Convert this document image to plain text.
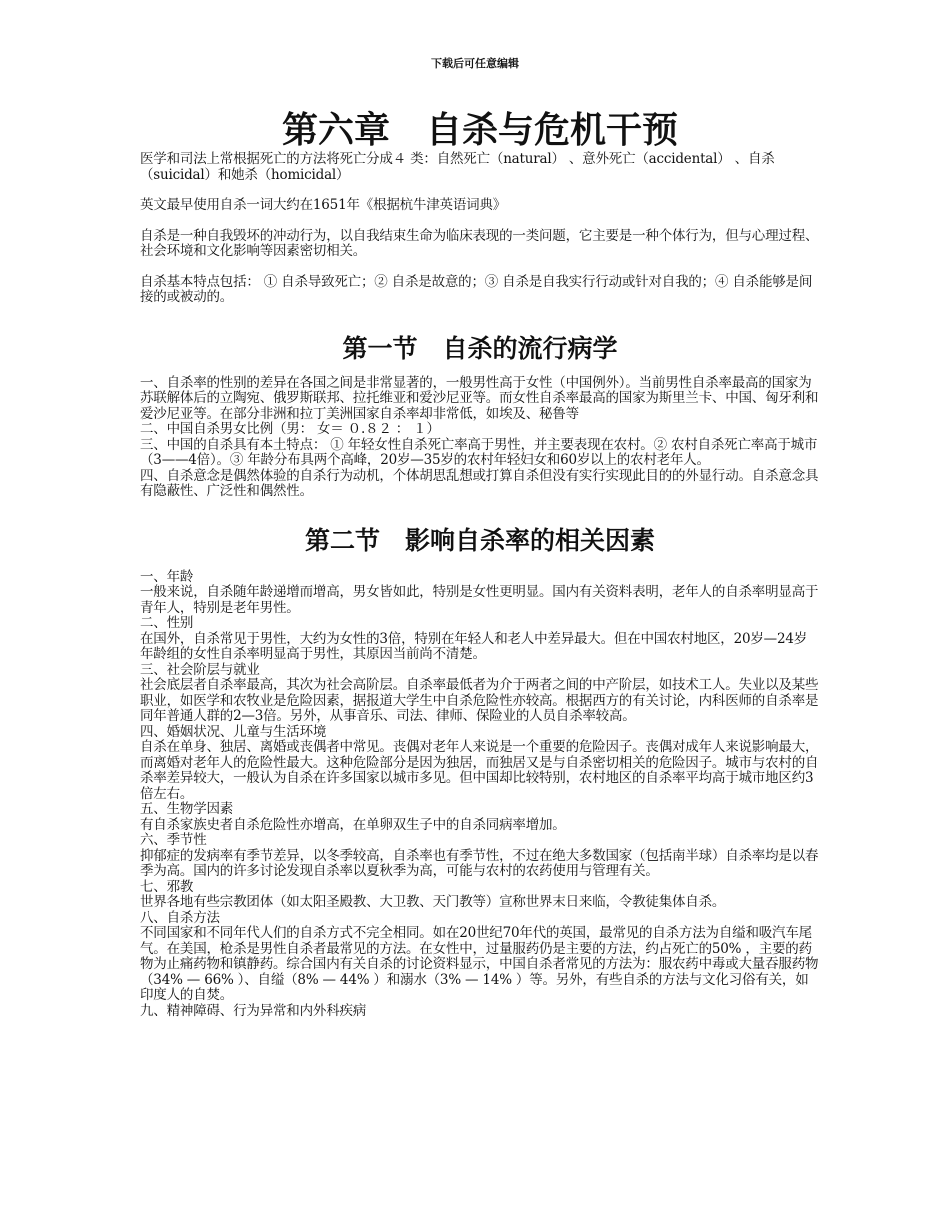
下载后可任意编辑
第六章　自杀与危机干预

医学和司法上常根据死亡的方法将死亡分成４ 类：自然死亡（natural） 、意外死亡（accidental） 、自杀（suicidal）和她杀（homicidal）

英文最早使用自杀一词大约在1651年《根据杭牛津英语词典》

自杀是一种自我毁坏的冲动行为，以自我结束生命为临床表现的一类问题，它主要是一种个体行为，但与心理过程、社会环境和文化影响等因素密切相关。

自杀基本特点包括： ① 自杀导致死亡；② 自杀是故意的；③ 自杀是自我实行行动或针对自我的；④ 自杀能够是间接的或被动的。

第一节　自杀的流行病学

一、自杀率的性别的差异在各国之间是非常显著的，一般男性高于女性（中国例外）。当前男性自杀率最高的国家为苏联解体后的立陶宛、俄罗斯联邦、拉托维亚和爱沙尼亚等。而女性自杀率最高的国家为斯里兰卡、中国、匈牙利和爱沙尼亚等。在部分非洲和拉丁美洲国家自杀率却非常低，如埃及、秘鲁等

二、中国自杀男女比例（男： 女＝ ０.８２ ： １）

三、中国的自杀具有本土特点： ① 年轻女性自杀死亡率高于男性，并主要表现在农村。② 农村自杀死亡率高于城市（3——4倍）。③ 年龄分布具两个高峰，20岁—35岁的农村年轻妇女和60岁以上的农村老年人。

四、自杀意念是偶然体验的自杀行为动机，个体胡思乱想或打算自杀但没有实行实现此目的的外显行动。自杀意念具有隐蔽性、广泛性和偶然性。

第二节　影响自杀率的相关因素

一、年龄

一般来说，自杀随年龄递增而增高，男女皆如此，特别是女性更明显。国内有关资料表明，老年人的自杀率明显高于青年人，特别是老年男性。

二、性别

在国外，自杀常见于男性，大约为女性的3倍，特别在年轻人和老人中差异最大。但在中国农村地区，20岁—24岁年龄组的女性自杀率明显高于男性，其原因当前尚不清楚。

三、社会阶层与就业

社会底层者自杀率最高，其次为社会高阶层。自杀率最低者为介于两者之间的中产阶层，如技术工人。失业以及某些职业，如医学和农牧业是危险因素，据报道大学生中自杀危险性亦较高。根据西方的有关讨论，内科医师的自杀率是同年普通人群的2—3倍。另外，从事音乐、司法、律师、保险业的人员自杀率较高。

四、婚姻状况、儿童与生活环境

自杀在单身、独居、离婚或丧偶者中常见。丧偶对老年人来说是一个重要的危险因子。丧偶对成年人来说影响最大，而离婚对老年人的危险性最大。这种危险部分是因为独居，而独居又是与自杀密切相关的危险因子。城市与农村的自杀率差异较大，一般认为自杀在许多国家以城市多见。但中国却比较特别，农村地区的自杀率平均高于城市地区约3倍左右。

五、生物学因素

有自杀家族史者自杀危险性亦增高，在单卵双生子中的自杀同病率增加。

六、季节性

抑郁症的发病率有季节差异，以冬季较高，自杀率也有季节性，不过在绝大多数国家（包括南半球）自杀率均是以春季为高。国内的许多讨论发现自杀率以夏秋季为高，可能与农村的农药使用与管理有关。

七、邪教

世界各地有些宗教团体（如太阳圣殿教、大卫教、天门教等）宣称世界末日来临，令教徒集体自杀。

八、自杀方法

不同国家和不同年代人们的自杀方式不完全相同。如在20世纪70年代的英国，最常见的自杀方法为自缢和吸汽车尾气。在美国，枪杀是男性自杀者最常见的方法。在女性中，过量服药仍是主要的方法，约占死亡的50% ，主要的药物为止痛药物和镇静药。综合国内有关自杀的讨论资料显示，中国自杀者常见的方法为：服农药中毒或大量吞服药物（34% — 66% ）、自缢（8% — 44% ）和溺水（3% — 14% ）等。另外，有些自杀的方法与文化习俗有关，如印度人的自焚。

九、精神障碍、行为异常和内外科疾病
